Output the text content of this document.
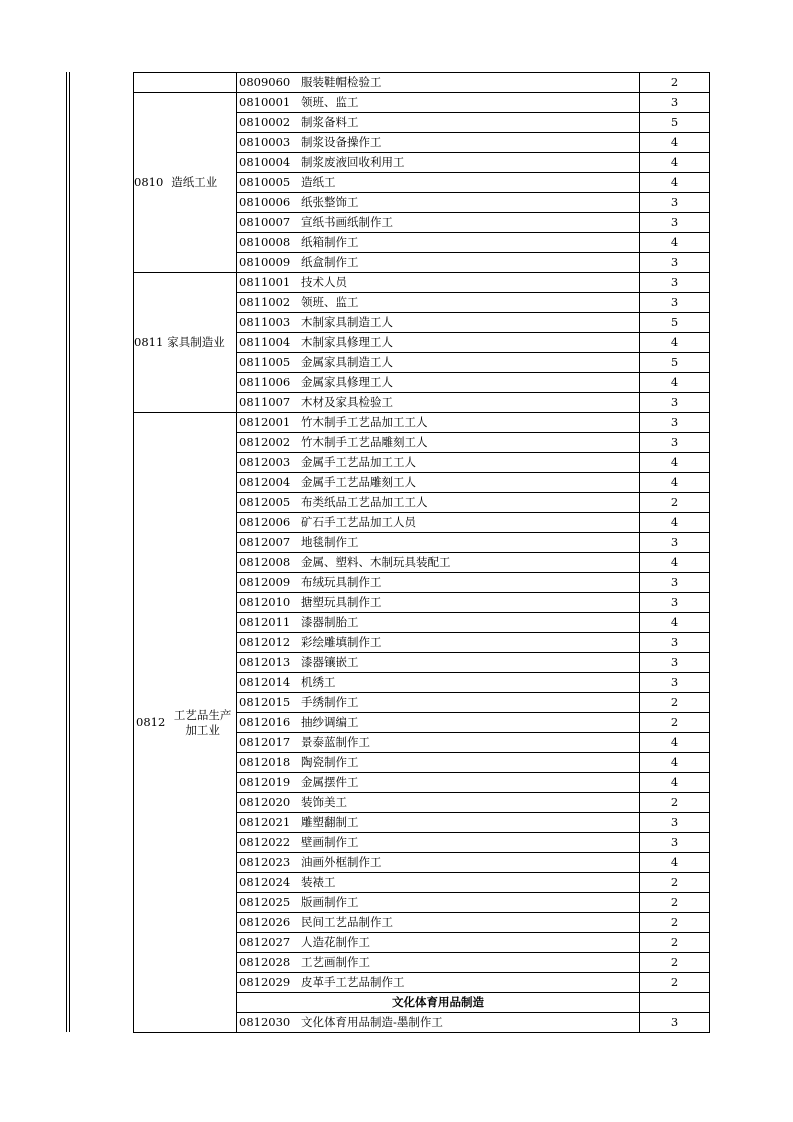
	0809060 服装鞋帽检验工	2
0810 造纸工业	0810001 领班、监工	3
	0810002 制浆备料工	5
	0810003 制浆设备操作工	4
	0810004 制浆废液回收利用工	4
	0810005 造纸工	4
	0810006 纸张整饰工	3
	0810007 宣纸书画纸制作工	3
	0810008 纸箱制作工	4
	0810009 纸盒制作工	3
0811 家具制造业	0811001 技术人员	3
	0811002 领班、监工	3
	0811003 木制家具制造工人	5
	0811004 木制家具修理工人	4
	0811005 金属家具制造工人	5
	0811006 金属家具修理工人	4
	0811007 木材及家具检验工	3

0812
工艺品生产
加工业	0812001 竹木制手工艺品加工工人	3
	0812002 竹木制手工艺品雕刻工人	3
	0812003 金属手工艺品加工工人	4
	0812004 金属手工艺品雕刻工人	4
	0812005 布类纸品工艺品加工工人	2
	0812006 矿石手工艺品加工人员	4
	0812007 地毯制作工	3
	0812008 金属、塑料、木制玩具装配工	4
	0812009 布绒玩具制作工	3
	0812010 搪塑玩具制作工	3
	0812011 漆器制胎工	4
	0812012 彩绘雕填制作工	3
	0812013 漆器镶嵌工	3
	0812014 机绣工	3
	0812015 手绣制作工	2
	0812016 抽纱调编工	2
	0812017 景泰蓝制作工	4
	0812018 陶瓷制作工	4
	0812019 金属摆件工	4
	0812020 装饰美工	2
	0812021 雕塑翻制工	3
	0812022 壁画制作工	3
	0812023 油画外框制作工	4
	0812024 装裱工	2
	0812025 版画制作工	2
	0812026 民间工艺品制作工	2
	0812027 人造花制作工	2
	0812028 工艺画制作工	2
	0812029 皮革手工艺品制作工	2
	文化体育用品制造	
	0812030 文化体育用品制造-墨制作工	3
